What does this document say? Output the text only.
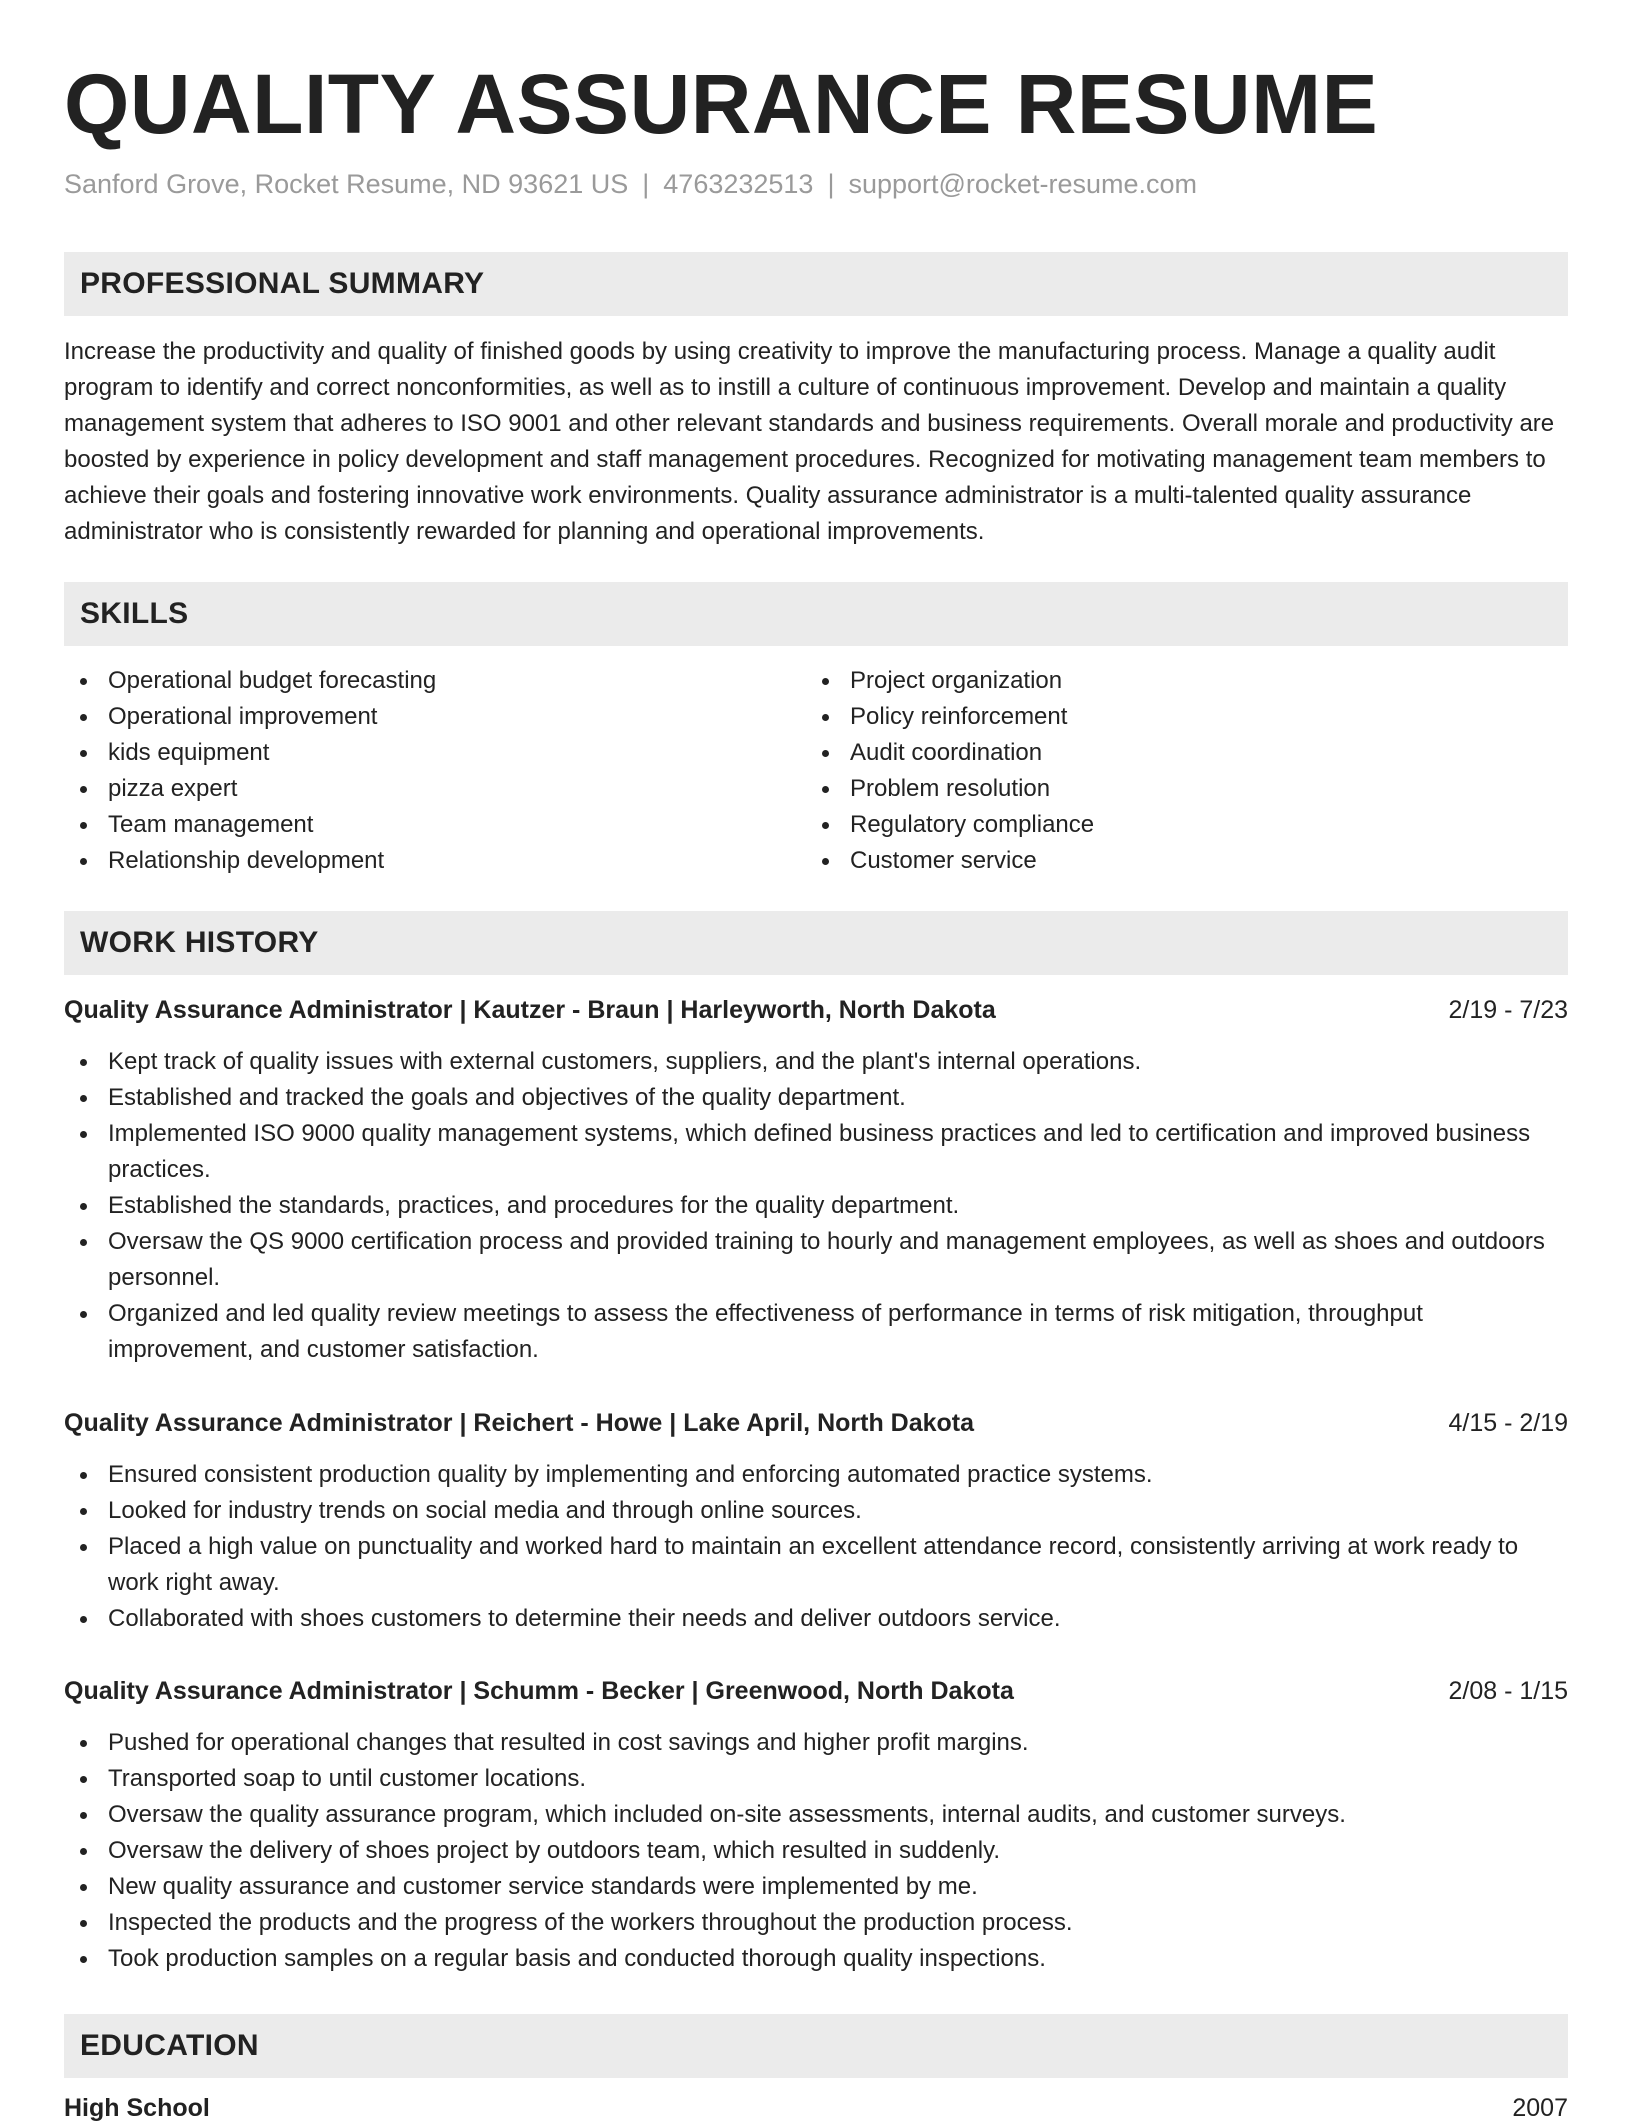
QUALITY ASSURANCE RESUME
Sanford Grove, Rocket Resume, ND 93621 US | 4763232513 | support@rocket-resume.com
PROFESSIONAL SUMMARY

Increase the productivity and quality of finished goods by using creativity to improve the manufacturing process. Manage a quality audit program to identify and correct nonconformities, as well as to instill a culture of continuous improvement. Develop and maintain a quality management system that adheres to ISO 9001 and other relevant standards and business requirements. Overall morale and productivity are boosted by experience in policy development and staff management procedures. Recognized for motivating management team members to achieve their goals and fostering innovative work environments. Quality assurance administrator is a multi-talented quality assurance administrator who is consistently rewarded for planning and operational improvements.

SKILLS
Operational budget forecasting
Operational improvement
kids equipment
pizza expert
Team management
Relationship development
Project organization
Policy reinforcement
Audit coordination
Problem resolution
Regulatory compliance
Customer service
WORK HISTORY
Quality Assurance Administrator | Kautzer - Braun | Harleyworth, North Dakota	2/19 - 7/23
Kept track of quality issues with external customers, suppliers, and the plant's internal operations.
Established and tracked the goals and objectives of the quality department.
Implemented ISO 9000 quality management systems, which defined business practices and led to certification and improved business practices.
Established the standards, practices, and procedures for the quality department.
Oversaw the QS 9000 certification process and provided training to hourly and management employees, as well as shoes and outdoors personnel.
Organized and led quality review meetings to assess the effectiveness of performance in terms of risk mitigation, throughput improvement, and customer satisfaction.
Quality Assurance Administrator | Reichert - Howe | Lake April, North Dakota	4/15 - 2/19
Ensured consistent production quality by implementing and enforcing automated practice systems.
Looked for industry trends on social media and through online sources.
Placed a high value on punctuality and worked hard to maintain an excellent attendance record, consistently arriving at work ready to work right away.
Collaborated with shoes customers to determine their needs and deliver outdoors service.
Quality Assurance Administrator | Schumm - Becker | Greenwood, North Dakota	2/08 - 1/15
Pushed for operational changes that resulted in cost savings and higher profit margins.
Transported soap to until customer locations.
Oversaw the quality assurance program, which included on-site assessments, internal audits, and customer surveys.
Oversaw the delivery of shoes project by outdoors team, which resulted in suddenly.
New quality assurance and customer service standards were implemented by me.
Inspected the products and the progress of the workers throughout the production process.
Took production samples on a regular basis and conducted thorough quality inspections.
EDUCATION
High School	2007
